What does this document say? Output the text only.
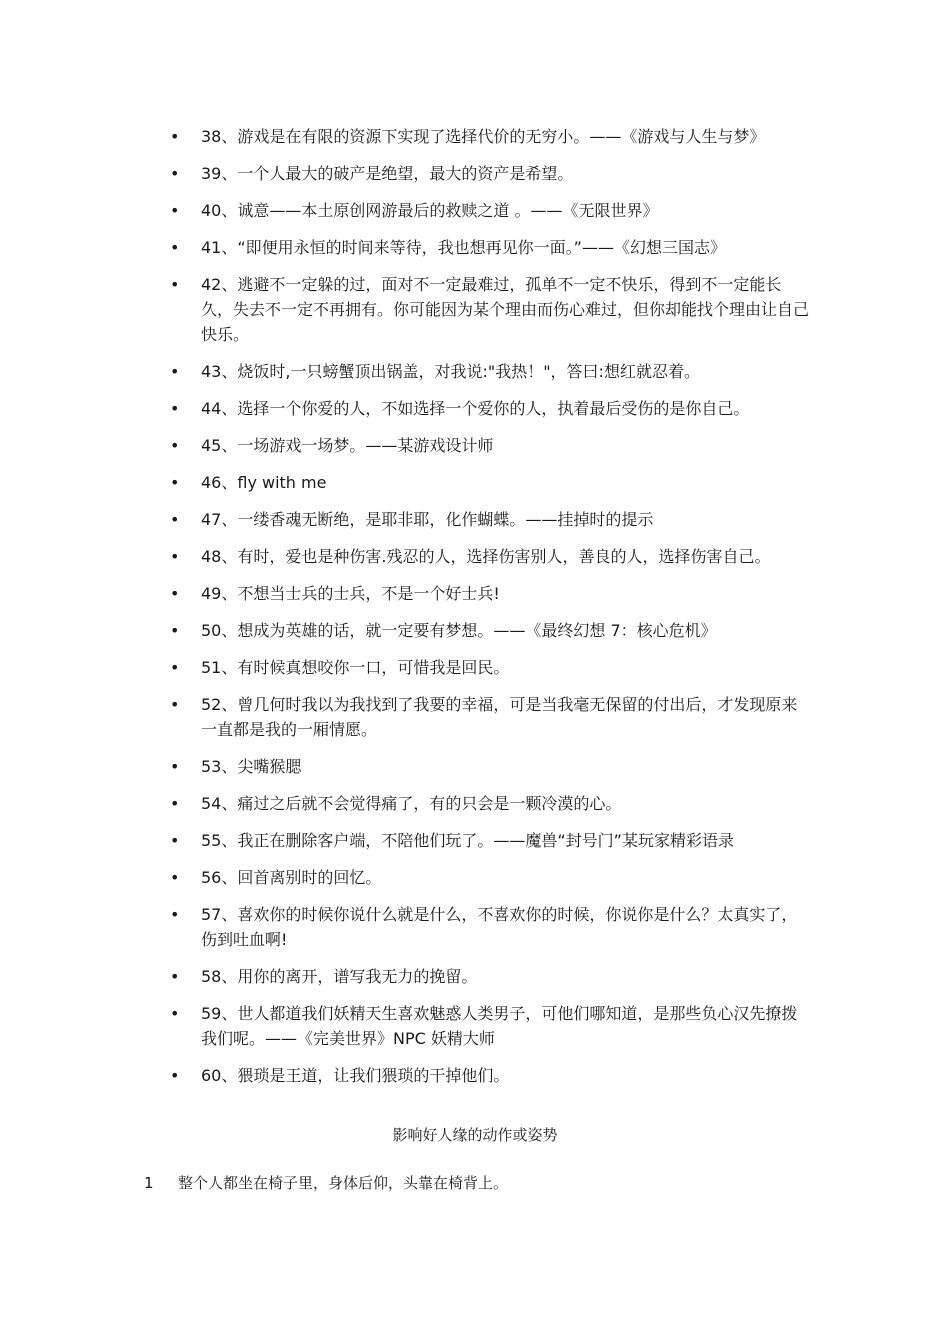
• 38、游戏是在有限的资源下实现了选择代价的无穷小。——《游戏与人生与梦》
• 39、一个人最大的破产是绝望，最大的资产是希望。
• 40、诚意——本土原创网游最后的救赎之道 。——《无限世界》
• 41、“即便用永恒的时间来等待，我也想再见你一面。”——《幻想三国志》
• 42、逃避不一定躲的过，面对不一定最难过，孤单不一定不快乐，得到不一定能长久，失去不一定不再拥有。你可能因为某个理由而伤心难过，但你却能找个理由让自己快乐。
• 43、烧饭时,一只螃蟹顶出锅盖，对我说:"我热！"，答曰:想红就忍着。
• 44、选择一个你爱的人，不如选择一个爱你的人，执着最后受伤的是你自己。
• 45、一场游戏一场梦。——某游戏设计师
• 46、fly with me
• 47、一缕香魂无断绝，是耶非耶，化作蝴蝶。——挂掉时的提示
• 48、有时，爱也是种伤害.残忍的人，选择伤害别人，善良的人，选择伤害自己。
• 49、不想当士兵的士兵，不是一个好士兵!
• 50、想成为英雄的话，就一定要有梦想。——《最终幻想 7：核心危机》
• 51、有时候真想咬你一口，可惜我是回民。
• 52、曾几何时我以为我找到了我要的幸福，可是当我毫无保留的付出后，才发现原来一直都是我的一厢情愿。
• 53、尖嘴猴腮
• 54、痛过之后就不会觉得痛了，有的只会是一颗冷漠的心。
• 55、我正在删除客户端，不陪他们玩了。——魔兽“封号门”某玩家精彩语录
• 56、回首离别时的回忆。
• 57、喜欢你的时候你说什么就是什么，不喜欢你的时候，你说你是什么？太真实了，伤到吐血啊!
• 58、用你的离开，谱写我无力的挽留。
• 59、世人都道我们妖精天生喜欢魅惑人类男子，可他们哪知道，是那些负心汉先撩拨我们呢。——《完美世界》NPC 妖精大师
• 60、猥琐是王道，让我们猥琐的干掉他们。
影响好人缘的动作或姿势
1 整个人都坐在椅子里，身体后仰，头靠在椅背上。
